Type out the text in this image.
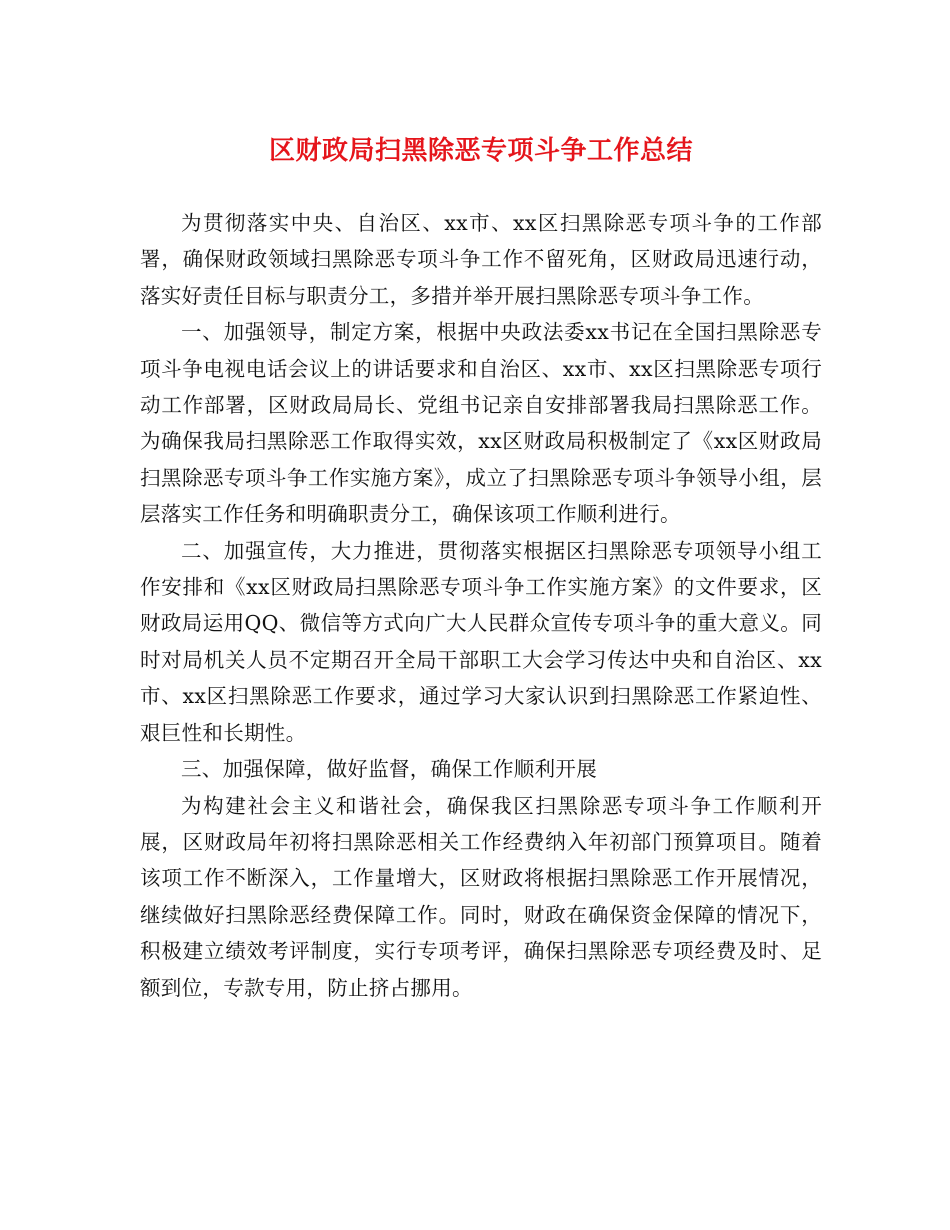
区财政局扫黑除恶专项斗争工作总结

为贯彻落实中央、自治区、xx市、xx区扫黑除恶专项斗争的工作部署，确保财政领域扫黑除恶专项斗争工作不留死角，区财政局迅速行动，落实好责任目标与职责分工，多措并举开展扫黑除恶专项斗争工作。

一、加强领导，制定方案，根据中央政法委xx书记在全国扫黑除恶专项斗争电视电话会议上的讲话要求和自治区、xx市、xx区扫黑除恶专项行动工作部署，区财政局局长、党组书记亲自安排部署我局扫黑除恶工作。为确保我局扫黑除恶工作取得实效，xx区财政局积极制定了《xx区财政局扫黑除恶专项斗争工作实施方案》，成立了扫黑除恶专项斗争领导小组，层层落实工作任务和明确职责分工，确保该项工作顺利进行。

二、加强宣传，大力推进，贯彻落实根据区扫黑除恶专项领导小组工作安排和《xx区财政局扫黑除恶专项斗争工作实施方案》的文件要求，区财政局运用QQ、微信等方式向广大人民群众宣传专项斗争的重大意义。同时对局机关人员不定期召开全局干部职工大会学习传达中央和自治区、xx市、xx区扫黑除恶工作要求，通过学习大家认识到扫黑除恶工作紧迫性、艰巨性和长期性。

三、加强保障，做好监督，确保工作顺利开展

为构建社会主义和谐社会，确保我区扫黑除恶专项斗争工作顺利开展，区财政局年初将扫黑除恶相关工作经费纳入年初部门预算项目。随着该项工作不断深入，工作量增大，区财政将根据扫黑除恶工作开展情况，继续做好扫黑除恶经费保障工作。同时，财政在确保资金保障的情况下，积极建立绩效考评制度，实行专项考评，确保扫黑除恶专项经费及时、足额到位，专款专用，防止挤占挪用。
